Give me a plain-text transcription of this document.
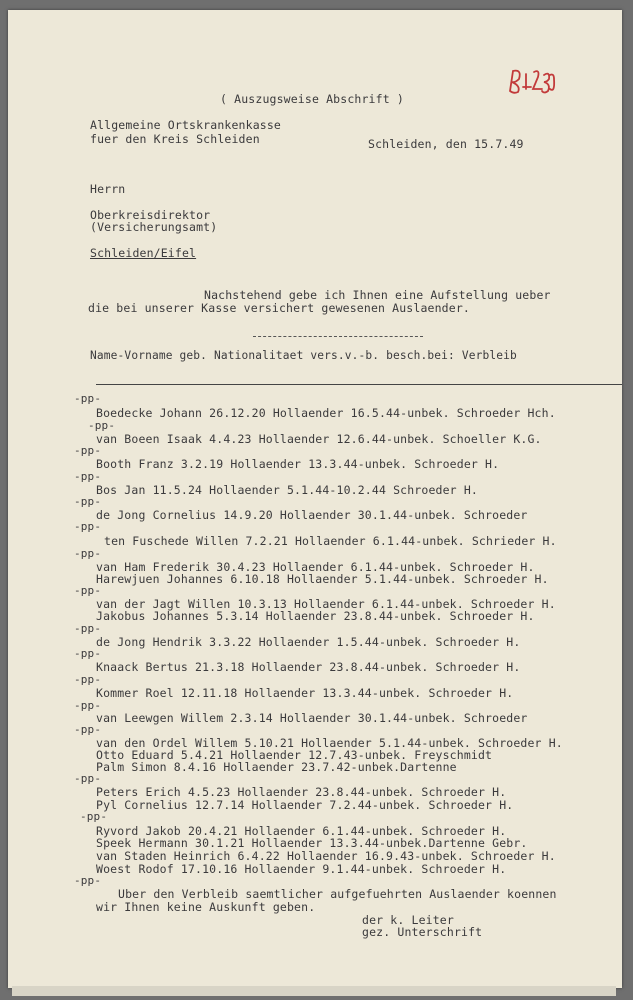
( Auszugsweise Abschrift )
Allgemeine Ortskrankenkasse
fuer den Kreis Schleiden	Schleiden, den 15.7.49
Herrn
Oberkreisdirektor
(Versicherungsamt)
Schleiden/Eifel
Nachstehend gebe ich Ihnen eine Aufstellung ueber
die bei unserer Kasse versichert gewesenen Auslaender.
Name-Vorname geb. Nationalitaet vers.v.-b. besch.bei: Verbleib
-pp-
Boedecke Johann 26.12.20 Hollaender 16.5.44-unbek. Schroeder Hch.
-pp-
van Boeen Isaak 4.4.23 Hollaender 12.6.44-unbek. Schoeller K.G.
-pp-
Booth Franz 3.2.19 Hollaender 13.3.44-unbek. Schroeder H.
-pp-
Bos Jan 11.5.24 Hollaender 5.1.44-10.2.44 Schroeder H.
-pp-
de Jong Cornelius 14.9.20 Hollaender 30.1.44-unbek. Schroeder
-pp-
ten Fuschede Willen 7.2.21 Hollaender 6.1.44-unbek. Schrieder H.
-pp-
van Ham Frederik 30.4.23 Hollaender 6.1.44-unbek. Schroeder H.
Harewjuen Johannes 6.10.18 Hollaender 5.1.44-unbek. Schroeder H.
-pp-
van der Jagt Willen 10.3.13 Hollaender 6.1.44-unbek. Schroeder H.
Jakobus Johannes 5.3.14 Hollaender 23.8.44-unbek. Schroeder H.
-pp-
de Jong Hendrik 3.3.22 Hollaender 1.5.44-unbek. Schroeder H.
-pp-
Knaack Bertus 21.3.18 Hollaender 23.8.44-unbek. Schroeder H.
-pp-
Kommer Roel 12.11.18 Hollaender 13.3.44-unbek. Schroeder H.
-pp-
van Leewgen Willem 2.3.14 Hollaender 30.1.44-unbek. Schroeder
-pp-
van den Ordel Willem 5.10.21 Hollaender 5.1.44-unbek. Schroeder H.
Otto Eduard 5.4.21 Hollaender 12.7.43-unbek. Freyschmidt
Palm Simon 8.4.16 Hollaender 23.7.42-unbek.Dartenne
-pp-
Peters Erich 4.5.23 Hollaender 23.8.44-unbek. Schroeder H.
Pyl Cornelius 12.7.14 Hollaender 7.2.44-unbek. Schroeder H.
-pp-
Ryvord Jakob 20.4.21 Hollaender 6.1.44-unbek. Schroeder H.
Speek Hermann 30.1.21 Hollaender 13.3.44-unbek.Dartenne Gebr.
van Staden Heinrich 6.4.22 Hollaender 16.9.43-unbek. Schroeder H.
Woest Rodof 17.10.16 Hollaender 9.1.44-unbek. Schroeder H.
-pp-
Uber den Verbleib saemtlicher aufgefuehrten Auslaender koennen
wir Ihnen keine Auskunft geben.
der k. Leiter
gez. Unterschrift
